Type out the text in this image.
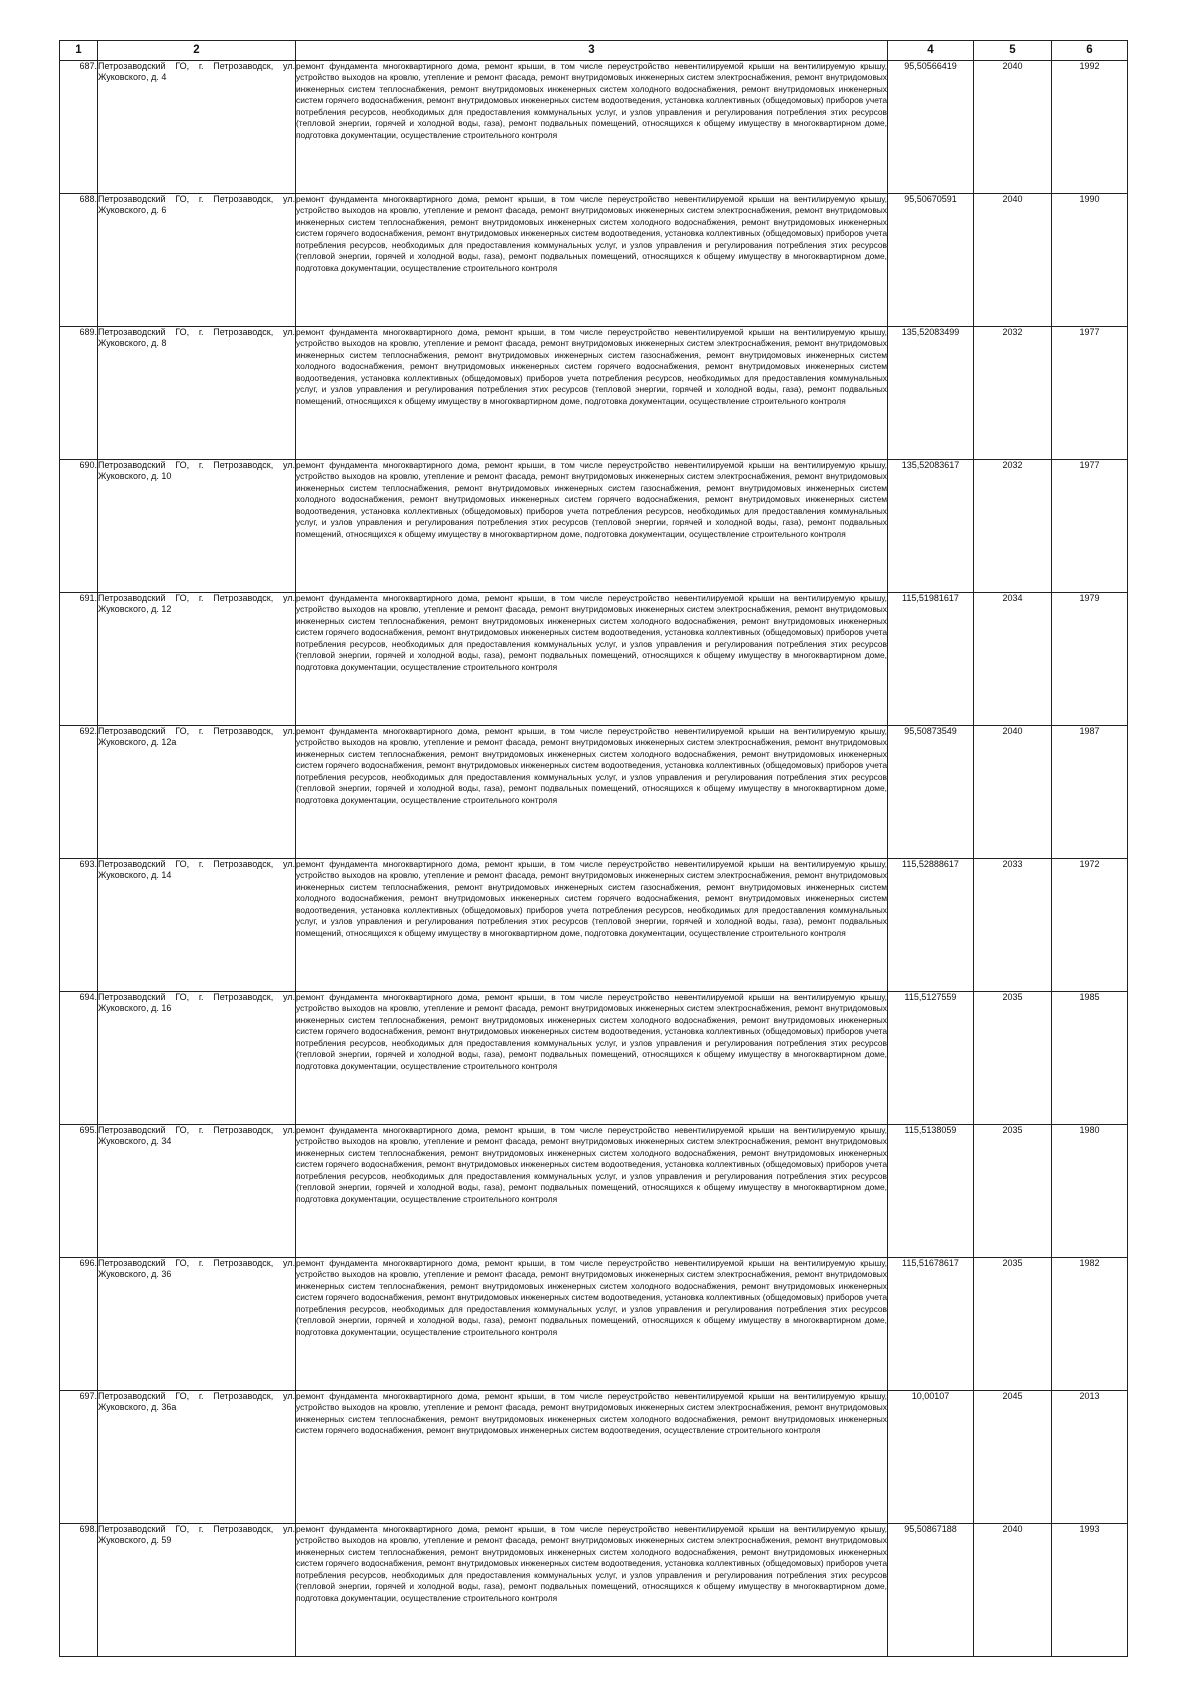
1	2	3	4	5	6
687.	Петрозаводский ГО, г. Петрозаводск, ул. Жуковского, д. 4	ремонт фундамента многоквартирного дома, ремонт крыши, в том числе переустройство невентилируемой крыши на вентилируемую крышу, устройство выходов на кровлю, утепление и ремонт фасада, ремонт внутридомовых инженерных систем электроснабжения, ремонт внутридомовых инженерных систем теплоснабжения, ремонт внутридомовых инженерных систем холодного водоснабжения, ремонт внутридомовых инженерных систем горячего водоснабжения, ремонт внутридомовых инженерных систем водоотведения, установка коллективных (общедомовых) приборов учета потребления ресурсов, необходимых для предоставления коммунальных услуг, и узлов управления и регулирования потребления этих ресурсов (тепловой энергии, горячей и холодной воды, газа), ремонт подвальных помещений, относящихся к общему имуществу в многоквартирном доме, подготовка документации, осуществление строительного контроля	95,50566419	2040	1992
688.	Петрозаводский ГО, г. Петрозаводск, ул. Жуковского, д. 6	ремонт фундамента многоквартирного дома, ремонт крыши, в том числе переустройство невентилируемой крыши на вентилируемую крышу, устройство выходов на кровлю, утепление и ремонт фасада, ремонт внутридомовых инженерных систем электроснабжения, ремонт внутридомовых инженерных систем теплоснабжения, ремонт внутридомовых инженерных систем холодного водоснабжения, ремонт внутридомовых инженерных систем горячего водоснабжения, ремонт внутридомовых инженерных систем водоотведения, установка коллективных (общедомовых) приборов учета потребления ресурсов, необходимых для предоставления коммунальных услуг, и узлов управления и регулирования потребления этих ресурсов (тепловой энергии, горячей и холодной воды, газа), ремонт подвальных помещений, относящихся к общему имуществу в многоквартирном доме, подготовка документации, осуществление строительного контроля	95,50670591	2040	1990
689.	Петрозаводский ГО, г. Петрозаводск, ул. Жуковского, д. 8	ремонт фундамента многоквартирного дома, ремонт крыши, в том числе переустройство невентилируемой крыши на вентилируемую крышу, устройство выходов на кровлю, утепление и ремонт фасада, ремонт внутридомовых инженерных систем электроснабжения, ремонт внутридомовых инженерных систем теплоснабжения, ремонт внутридомовых инженерных систем газоснабжения, ремонт внутридомовых инженерных систем холодного водоснабжения, ремонт внутридомовых инженерных систем горячего водоснабжения, ремонт внутридомовых инженерных систем водоотведения, установка коллективных (общедомовых) приборов учета потребления ресурсов, необходимых для предоставления коммунальных услуг, и узлов управления и регулирования потребления этих ресурсов (тепловой энергии, горячей и холодной воды, газа), ремонт подвальных помещений, относящихся к общему имуществу в многоквартирном доме, подготовка документации, осуществление строительного контроля	135,52083499	2032	1977
690.	Петрозаводский ГО, г. Петрозаводск, ул. Жуковского, д. 10	ремонт фундамента многоквартирного дома, ремонт крыши, в том числе переустройство невентилируемой крыши на вентилируемую крышу, устройство выходов на кровлю, утепление и ремонт фасада, ремонт внутридомовых инженерных систем электроснабжения, ремонт внутридомовых инженерных систем теплоснабжения, ремонт внутридомовых инженерных систем газоснабжения, ремонт внутридомовых инженерных систем холодного водоснабжения, ремонт внутридомовых инженерных систем горячего водоснабжения, ремонт внутридомовых инженерных систем водоотведения, установка коллективных (общедомовых) приборов учета потребления ресурсов, необходимых для предоставления коммунальных услуг, и узлов управления и регулирования потребления этих ресурсов (тепловой энергии, горячей и холодной воды, газа), ремонт подвальных помещений, относящихся к общему имуществу в многоквартирном доме, подготовка документации, осуществление строительного контроля	135,52083617	2032	1977
691.	Петрозаводский ГО, г. Петрозаводск, ул. Жуковского, д. 12	ремонт фундамента многоквартирного дома, ремонт крыши, в том числе переустройство невентилируемой крыши на вентилируемую крышу, устройство выходов на кровлю, утепление и ремонт фасада, ремонт внутридомовых инженерных систем электроснабжения, ремонт внутридомовых инженерных систем теплоснабжения, ремонт внутридомовых инженерных систем холодного водоснабжения, ремонт внутридомовых инженерных систем горячего водоснабжения, ремонт внутридомовых инженерных систем водоотведения, установка коллективных (общедомовых) приборов учета потребления ресурсов, необходимых для предоставления коммунальных услуг, и узлов управления и регулирования потребления этих ресурсов (тепловой энергии, горячей и холодной воды, газа), ремонт подвальных помещений, относящихся к общему имуществу в многоквартирном доме, подготовка документации, осуществление строительного контроля	115,51981617	2034	1979
692.	Петрозаводский ГО, г. Петрозаводск, ул. Жуковского, д. 12а	ремонт фундамента многоквартирного дома, ремонт крыши, в том числе переустройство невентилируемой крыши на вентилируемую крышу, устройство выходов на кровлю, утепление и ремонт фасада, ремонт внутридомовых инженерных систем электроснабжения, ремонт внутридомовых инженерных систем теплоснабжения, ремонт внутридомовых инженерных систем холодного водоснабжения, ремонт внутридомовых инженерных систем горячего водоснабжения, ремонт внутридомовых инженерных систем водоотведения, установка коллективных (общедомовых) приборов учета потребления ресурсов, необходимых для предоставления коммунальных услуг, и узлов управления и регулирования потребления этих ресурсов (тепловой энергии, горячей и холодной воды, газа), ремонт подвальных помещений, относящихся к общему имуществу в многоквартирном доме, подготовка документации, осуществление строительного контроля	95,50873549	2040	1987
693.	Петрозаводский ГО, г. Петрозаводск, ул. Жуковского, д. 14	ремонт фундамента многоквартирного дома, ремонт крыши, в том числе переустройство невентилируемой крыши на вентилируемую крышу, устройство выходов на кровлю, утепление и ремонт фасада, ремонт внутридомовых инженерных систем электроснабжения, ремонт внутридомовых инженерных систем теплоснабжения, ремонт внутридомовых инженерных систем газоснабжения, ремонт внутридомовых инженерных систем холодного водоснабжения, ремонт внутридомовых инженерных систем горячего водоснабжения, ремонт внутридомовых инженерных систем водоотведения, установка коллективных (общедомовых) приборов учета потребления ресурсов, необходимых для предоставления коммунальных услуг, и узлов управления и регулирования потребления этих ресурсов (тепловой энергии, горячей и холодной воды, газа), ремонт подвальных помещений, относящихся к общему имуществу в многоквартирном доме, подготовка документации, осуществление строительного контроля	115,52888617	2033	1972
694.	Петрозаводский ГО, г. Петрозаводск, ул. Жуковского, д. 16	ремонт фундамента многоквартирного дома, ремонт крыши, в том числе переустройство невентилируемой крыши на вентилируемую крышу, устройство выходов на кровлю, утепление и ремонт фасада, ремонт внутридомовых инженерных систем электроснабжения, ремонт внутридомовых инженерных систем теплоснабжения, ремонт внутридомовых инженерных систем холодного водоснабжения, ремонт внутридомовых инженерных систем горячего водоснабжения, ремонт внутридомовых инженерных систем водоотведения, установка коллективных (общедомовых) приборов учета потребления ресурсов, необходимых для предоставления коммунальных услуг, и узлов управления и регулирования потребления этих ресурсов (тепловой энергии, горячей и холодной воды, газа), ремонт подвальных помещений, относящихся к общему имуществу в многоквартирном доме, подготовка документации, осуществление строительного контроля	115,5127559	2035	1985
695.	Петрозаводский ГО, г. Петрозаводск, ул. Жуковского, д. 34	ремонт фундамента многоквартирного дома, ремонт крыши, в том числе переустройство невентилируемой крыши на вентилируемую крышу, устройство выходов на кровлю, утепление и ремонт фасада, ремонт внутридомовых инженерных систем электроснабжения, ремонт внутридомовых инженерных систем теплоснабжения, ремонт внутридомовых инженерных систем холодного водоснабжения, ремонт внутридомовых инженерных систем горячего водоснабжения, ремонт внутридомовых инженерных систем водоотведения, установка коллективных (общедомовых) приборов учета потребления ресурсов, необходимых для предоставления коммунальных услуг, и узлов управления и регулирования потребления этих ресурсов (тепловой энергии, горячей и холодной воды, газа), ремонт подвальных помещений, относящихся к общему имуществу в многоквартирном доме, подготовка документации, осуществление строительного контроля	115,5138059	2035	1980
696.	Петрозаводский ГО, г. Петрозаводск, ул. Жуковского, д. 36	ремонт фундамента многоквартирного дома, ремонт крыши, в том числе переустройство невентилируемой крыши на вентилируемую крышу, устройство выходов на кровлю, утепление и ремонт фасада, ремонт внутридомовых инженерных систем электроснабжения, ремонт внутридомовых инженерных систем теплоснабжения, ремонт внутридомовых инженерных систем холодного водоснабжения, ремонт внутридомовых инженерных систем горячего водоснабжения, ремонт внутридомовых инженерных систем водоотведения, установка коллективных (общедомовых) приборов учета потребления ресурсов, необходимых для предоставления коммунальных услуг, и узлов управления и регулирования потребления этих ресурсов (тепловой энергии, горячей и холодной воды, газа), ремонт подвальных помещений, относящихся к общему имуществу в многоквартирном доме, подготовка документации, осуществление строительного контроля	115,51678617	2035	1982
697.	Петрозаводский ГО, г. Петрозаводск, ул. Жуковского, д. 36а	ремонт фундамента многоквартирного дома, ремонт крыши, в том числе переустройство невентилируемой крыши на вентилируемую крышу, устройство выходов на кровлю, утепление и ремонт фасада, ремонт внутридомовых инженерных систем электроснабжения, ремонт внутридомовых инженерных систем теплоснабжения, ремонт внутридомовых инженерных систем холодного водоснабжения, ремонт внутридомовых инженерных систем горячего водоснабжения, ремонт внутридомовых инженерных систем водоотведения, осуществление строительного контроля	10,00107	2045	2013
698.	Петрозаводский ГО, г. Петрозаводск, ул. Жуковского, д. 59	ремонт фундамента многоквартирного дома, ремонт крыши, в том числе переустройство невентилируемой крыши на вентилируемую крышу, устройство выходов на кровлю, утепление и ремонт фасада, ремонт внутридомовых инженерных систем электроснабжения, ремонт внутридомовых инженерных систем теплоснабжения, ремонт внутридомовых инженерных систем холодного водоснабжения, ремонт внутридомовых инженерных систем горячего водоснабжения, ремонт внутридомовых инженерных систем водоотведения, установка коллективных (общедомовых) приборов учета потребления ресурсов, необходимых для предоставления коммунальных услуг, и узлов управления и регулирования потребления этих ресурсов (тепловой энергии, горячей и холодной воды, газа), ремонт подвальных помещений, относящихся к общему имуществу в многоквартирном доме, подготовка документации, осуществление строительного контроля	95,50867188	2040	1993
